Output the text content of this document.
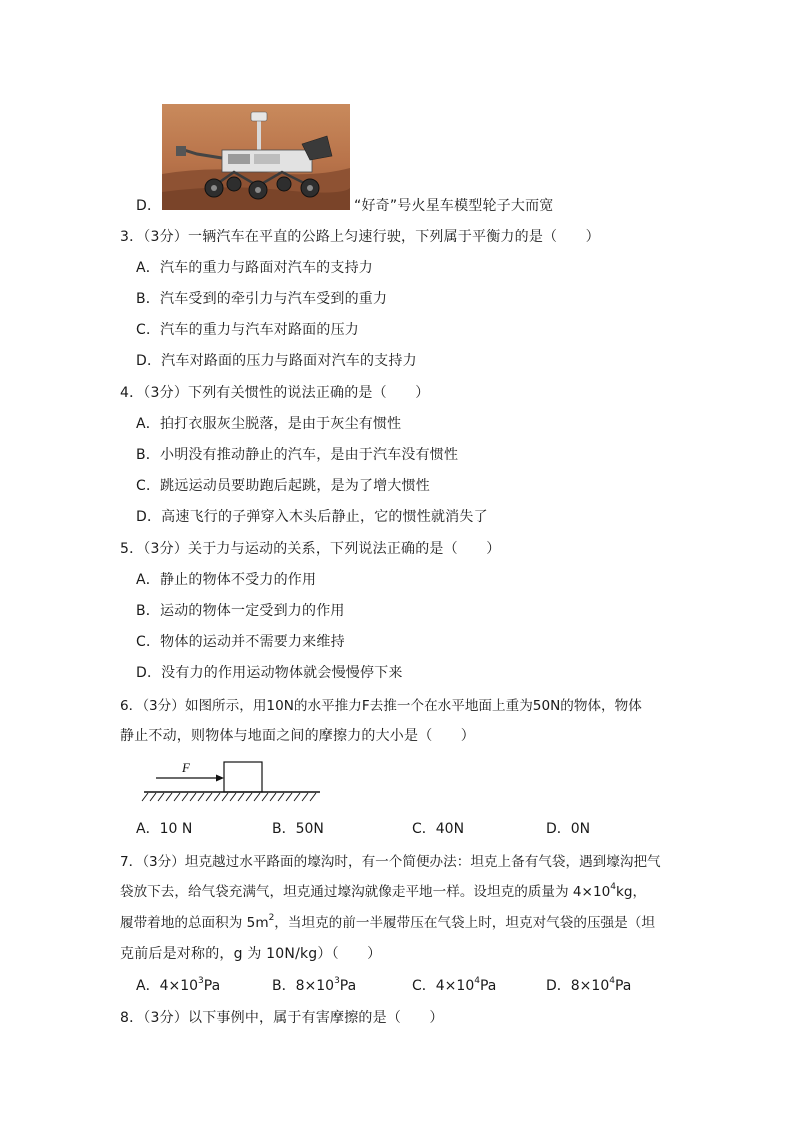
D．	“好奇”号火星车模型轮子大而宽
3．（3分）一辆汽车在平直的公路上匀速行驶，下列属于平衡力的是（　　）
A．汽车的重力与路面对汽车的支持力
B．汽车受到的牵引力与汽车受到的重力
C．汽车的重力与汽车对路面的压力
D．汽车对路面的压力与路面对汽车的支持力
4．（3分）下列有关惯性的说法正确的是（　　）
A．拍打衣服灰尘脱落，是由于灰尘有惯性
B．小明没有推动静止的汽车，是由于汽车没有惯性
C．跳远运动员要助跑后起跳，是为了增大惯性
D．高速飞行的子弹穿入木头后静止，它的惯性就消失了
5．（3分）关于力与运动的关系，下列说法正确的是（　　）
A．静止的物体不受力的作用
B．运动的物体一定受到力的作用
C．物体的运动并不需要力来维持
D．没有力的作用运动物体就会慢慢停下来
6．（3分）如图所示，用10N的水平推力F去推一个在水平地面上重为50N的物体，物体
静止不动，则物体与地面之间的摩擦力的大小是（　　）
F
A．10 N	B．50N	C．40N	D．0N
7．（3分）坦克越过水平路面的壕沟时，有一个简便办法：坦克上备有气袋，遇到壕沟把气
袋放下去，给气袋充满气，坦克通过壕沟就像走平地一样。设坦克的质量为 $4\times 10^4kg$，
履带着地的总面积为 $5m^2$，当坦克的前一半履带压在气袋上时，坦克对气袋的压强是（坦
克前后是对称的，g 为 10N/kg）（　　）
A．$4\times 10^3Pa$	B．$8\times 10^3Pa$	C．$4\times 10^4Pa$	D．$8\times 10^4Pa$
8．（3分）以下事例中，属于有害摩擦的是（　　）
